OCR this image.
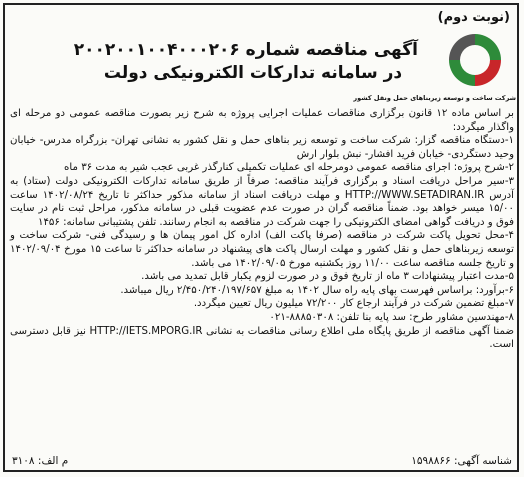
(نوبت دوم)
آگهی مناقصه شماره ۲۰۰۲۰۰۱۰۰۴۰۰۰۲۰۶
در سامانه تدارکات الکترونیکی دولت
شرکت ساخت و توسعه زیربناهای حمل ونقل کشور

بر اساس ماده ۱۲ قانون برگزاری مناقصات عملیات اجرایی پروژه به شرح زیر بصورت مناقصه عمومی دو مرحله ای واگذار میگردد:

۱-دستگاه مناقصه گزار: شرکت ساخت و توسعه زیر بناهای حمل و نقل کشور به نشانی تهران- بزرگراه مدرس- خیابان وحید دستگردی- خیابان فرید افشار- نبش بلوار ارش

۲-شرح پروژه: اجرای مناقصه عمومی دومرحله ای عملیات تکمیلی کنارگذر غربی عجب شیر به مدت ۳۶ ماه

۳-سیر مراحل دریافت اسناد و برگزاری فرآیند مناقصه: صرفاً از طریق سامانه تدارکات الکترونیکی دولت (ستاد) به آدرس HTTP://WWW.SETADIRAN.IR و مهلت دریافت اسناد از سامانه مذکور حداکثر تا تاریخ ۱۴۰۲/۰۸/۲۴ ساعت ۱۵/۰۰ میسر خواهد بود. ضمناً مناقصه گران در صورت عدم عضویت قبلی در سامانه مذکور، مراحل ثبت نام در سایت فوق و دریافت گواهی امضای الکترونیکی را جهت شرکت در مناقصه به انجام رسانند. تلفن پشتیبانی سامانه: ۱۴۵۶

۴-محل تحویل پاکت شرکت در مناقصه (صرفا پاکت الف) اداره کل امور پیمان ها و رسیدگی فنی- شرکت ساخت و توسعه زیربناهای حمل و نقل کشور و مهلت ارسال پاکت های پیشنهاد در سامانه حداکثر تا ساعت ۱۵ مورخ ۱۴۰۲/۰۹/۰۴ و تاریخ جلسه مناقصه ساعت ۱۱/۰۰ روز یکشنبه مورخ ۱۴۰۲/۰۹/۰۵ می باشد.

۵-مدت اعتبار پیشنهادات ۳ ماه از تاریخ فوق و در صورت لزوم یکبار قابل تمدید می باشد.

۶-برآورد: براساس فهرست بهای پایه راه سال ۱۴۰۲ به مبلغ ۲/۴۵۰/۲۴۰/۱۹۷/۶۵۷ ریال میباشد.

۷-مبلغ تضمین شرکت در فرآیند ارجاع کار ۷۲/۲۰۰ میلیون ریال تعیین میگردد.

۸-مهندسین مشاور طرح: سد پایه بنا تلفن: ۸۸۸۵۰۳۰۸-۰۲۱

ضمنا آگهی مناقصه از طریق پایگاه ملی اطلاع رسانی مناقصات به نشانی HTTP://IETS.MPORG.IR نیز قابل دسترسی است.

شناسه آگهی: ۱۵۹۸۸۶۶
م الف: ۳۱۰۸
